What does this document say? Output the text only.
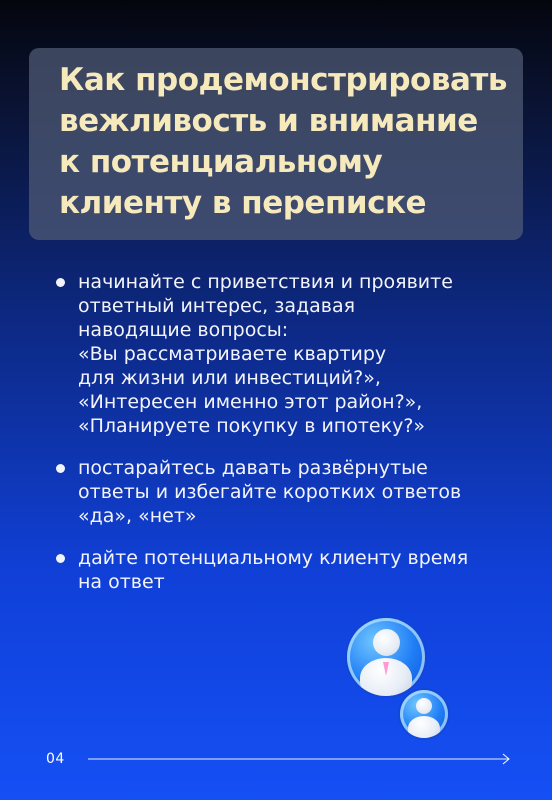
Как продемонстрировать
вежливость и внимание
к потенциальному
клиенту в переписке
начинайте с приветствия и проявите
ответный интерес, задавая
наводящие вопросы:
«Вы рассматриваете квартиру
для жизни или инвестиций?»,
«Интересен именно этот район?»,
«Планируете покупку в ипотеку?»
постарайтесь давать развёрнутые
ответы и избегайте коротких ответов
«да», «нет»
дайте потенциальному клиенту время
на ответ
04
